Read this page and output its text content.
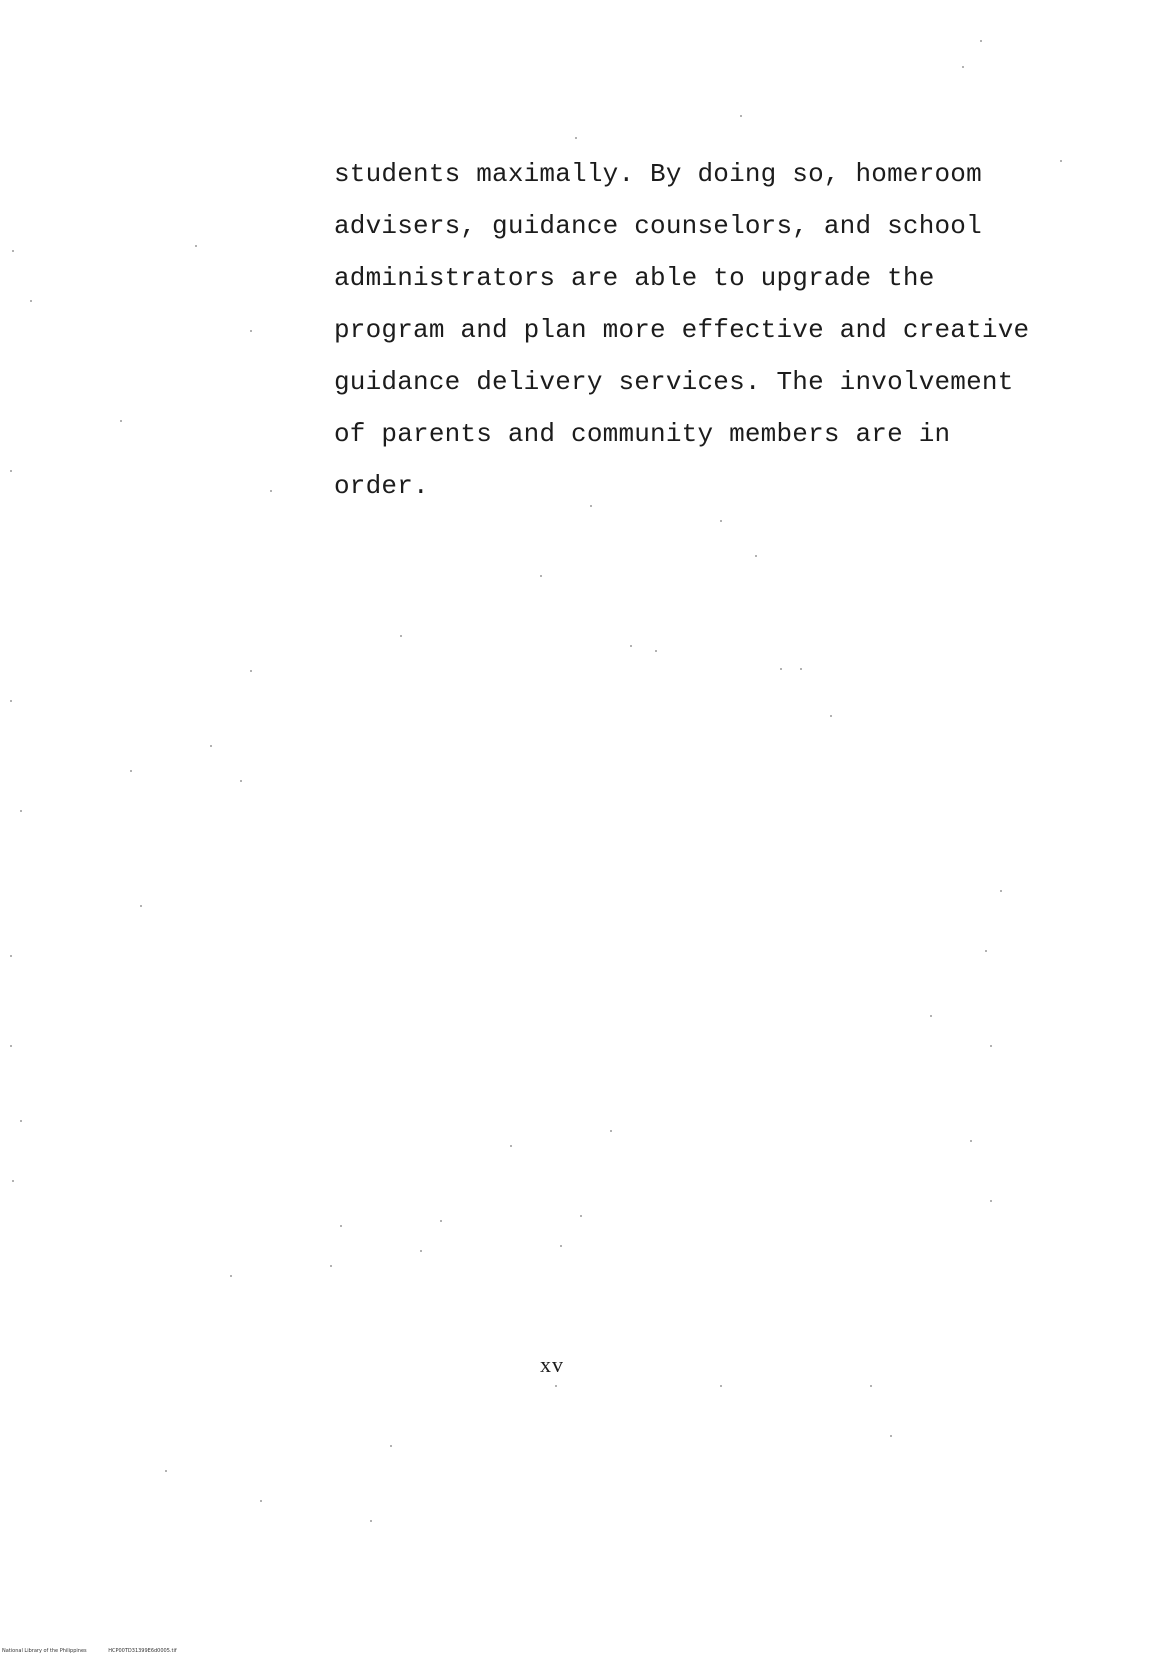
students maximally. By doing so, homeroom
advisers, guidance counselors, and school
administrators are able to upgrade the
program and plan more effective and creative
guidance delivery services. The involvement
of parents and community members are in
order.
xv
National Library of the Philippines	HCP00TD31399E6d0005.tif
